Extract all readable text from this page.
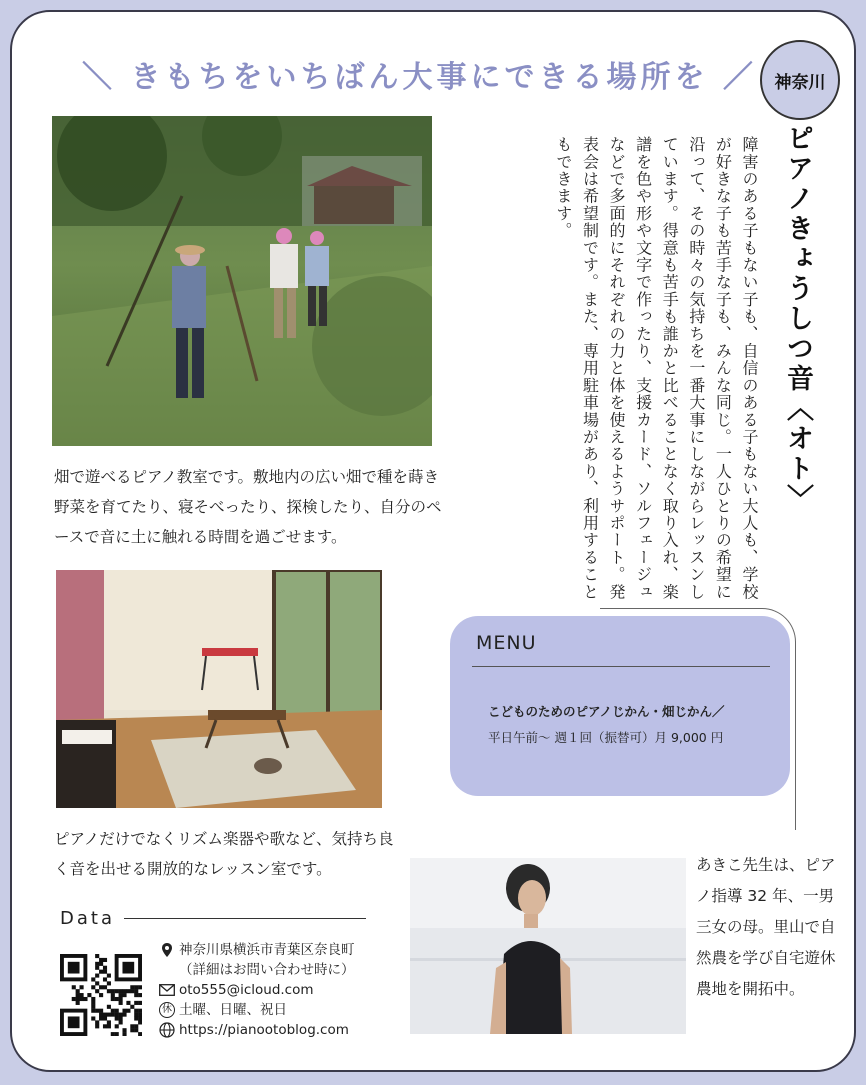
＼ きもちをいちばん大事にできる場所を ／	神奈川
畑で遊べるピアノ教室です。敷地内の広い畑で種を蒔き野菜を育てたり、寝そべったり、探検したり、自分のペースで音に土に触れる時間を過ごせます。
ピアノだけでなくリズム楽器や歌など、気持ち良く音を出せる開放的なレッスン室です。
ピアノきょうしつ音〈オト〉
障害のある子もない子も、自信のある子もない大人も、学校が好きな子も苦手な子も、みんな同じ。一人ひとりの希望に沿って、その時々の気持ちを一番大事にしながらレッスンしています。得意も苦手も誰かと比べることなく取り入れ、楽譜を色や形や文字で作ったり、支援カード、ソルフェージュなどで多面的にそれぞれの力と体を使えるようサポート。発表会は希望制です。また、専用駐車場があり、利用することもできます。
MENU
こどものためのピアノじかん・畑じかん／
平日午前〜 週１回（振替可）月 9,000 円
あきこ先生は、ピアノ指導 32 年、一男三女の母。里山で自然農を学び自宅遊休農地を開拓中。
Data
神奈川県横浜市青葉区奈良町
（詳細はお問い合わせ時に）
oto555@icloud.com
休 土曜、日曜、祝日
https://pianootoblog.com
